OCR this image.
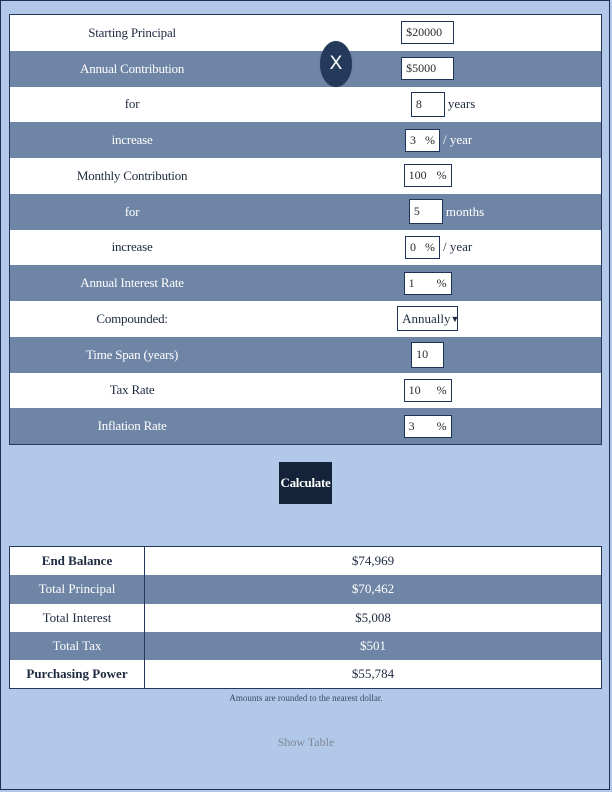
Starting Principal	$20000
Annual Contribution	$5000
for	8 years
increase	3 % / year
Monthly Contribution	100 %
for	5 months
increase	0 % / year
Annual Interest Rate	1 %
Compounded:	Annually ▼
Time Span (years)	10
Tax Rate	10 %
Inflation Rate	3 %
X
Calculate
End Balance	$74,969
Total Principal	$70,462
Total Interest	$5,008
Total Tax	$501
Purchasing Power	$55,784
Amounts are rounded to the nearest dollar.
Show Table
